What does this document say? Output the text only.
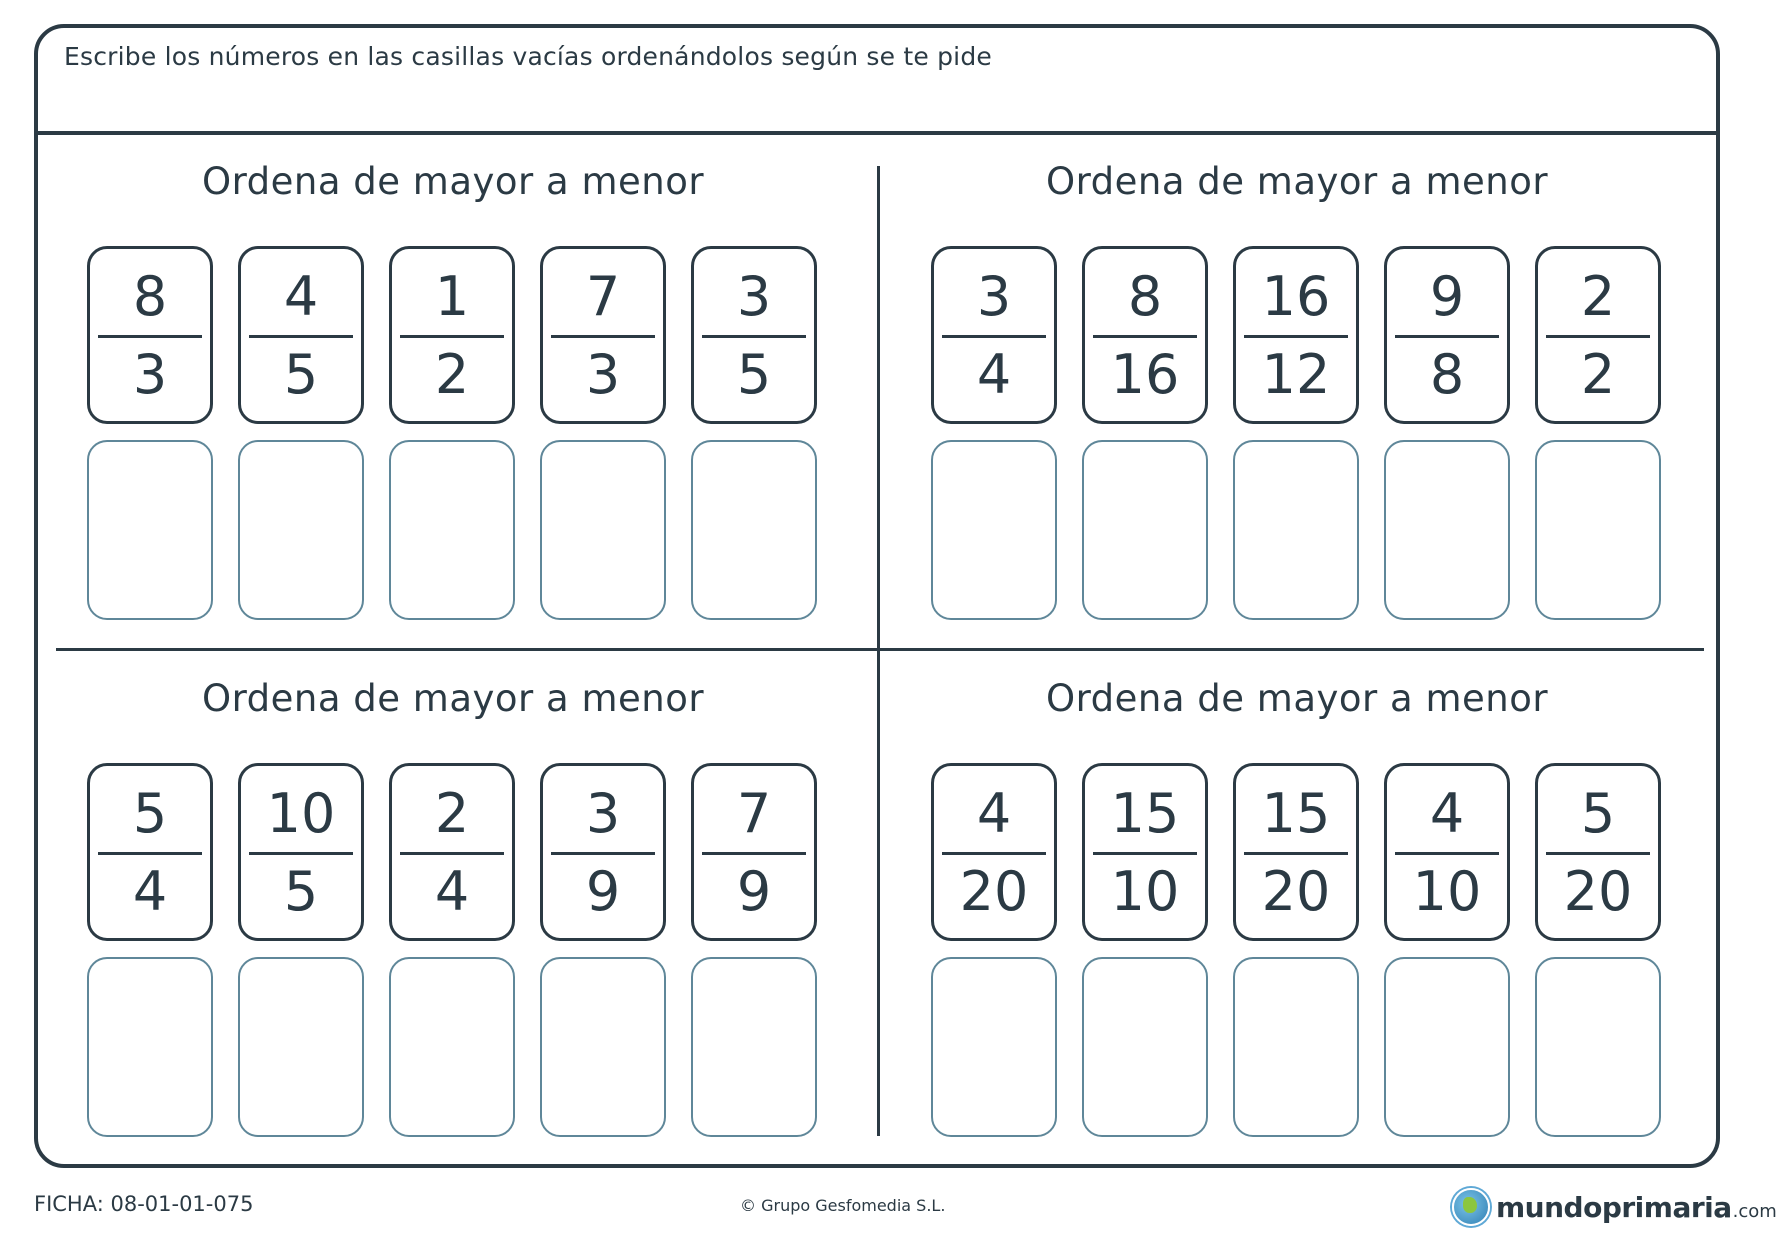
Escribe los números en las casillas vacías ordenándolos según se te pide
Ordena de mayor a menor
8
3
4
5
1
2
7
3
3
5
Ordena de mayor a menor
3
4
8
16
16
12
9
8
2
2
Ordena de mayor a menor
5
4
10
5
2
4
3
9
7
9
Ordena de mayor a menor
4
20
15
10
15
20
4
10
5
20
FICHA: 08-01-01-075	© Grupo Gesfomedia S.L.	mundoprimaria .com
